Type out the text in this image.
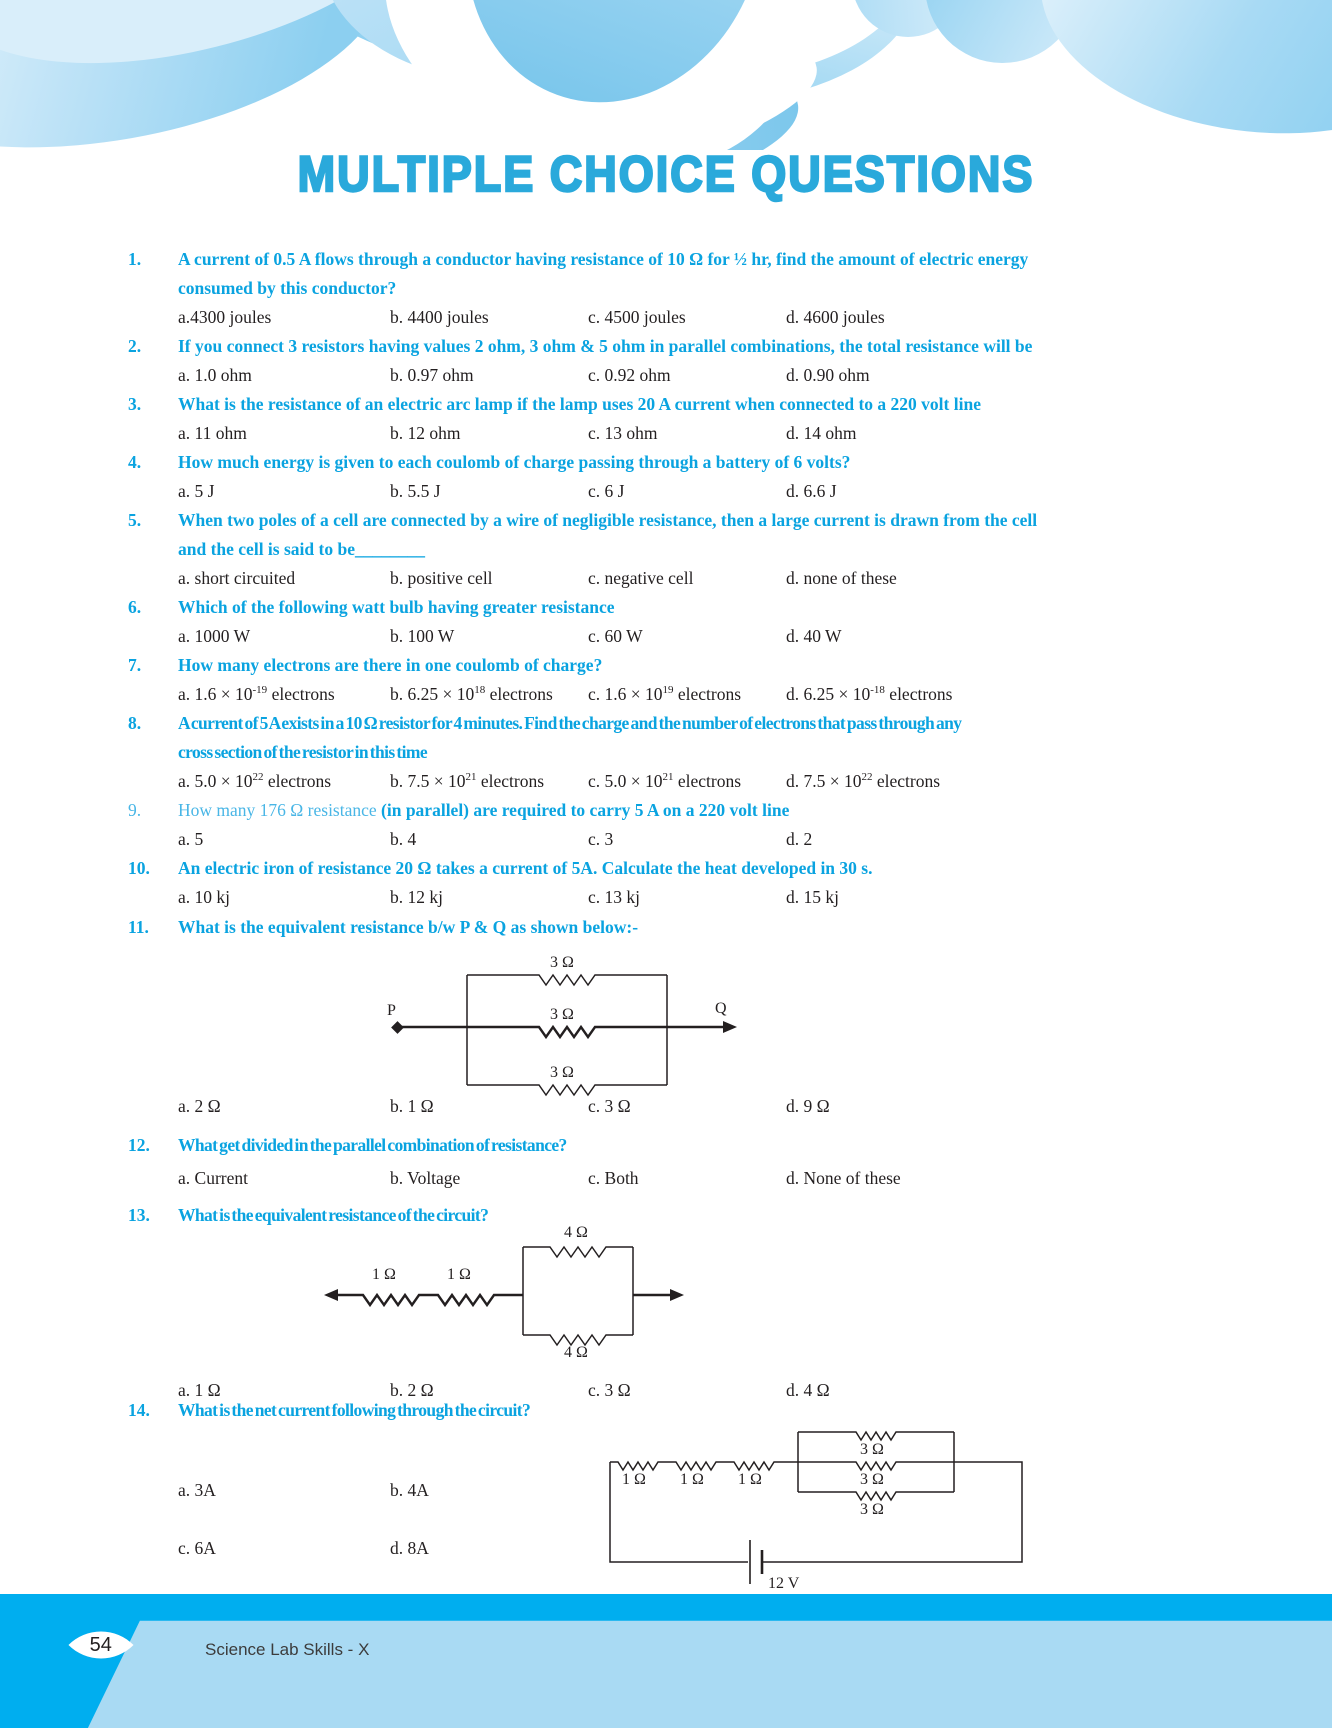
MULTIPLE CHOICE QUESTIONS
1.	A current of 0.5 A flows through a conductor having resistance of 10 Ω for ½ hr, find the amount of electric energy
consumed by this conductor?
a.4300 joules	b. 4400 joules	c. 4500 joules	d. 4600 joules
2.	If you connect 3 resistors having values 2 ohm, 3 ohm & 5 ohm in parallel combinations, the total resistance will be
a. 1.0 ohm	b. 0.97 ohm	c. 0.92 ohm	d. 0.90 ohm
3.	What is the resistance of an electric arc lamp if the lamp uses 20 A current when connected to a 220 volt line
a. 11 ohm	b. 12 ohm	c. 13 ohm	d. 14 ohm
4.	How much energy is given to each coulomb of charge passing through a battery of 6 volts?
a. 5 J	b. 5.5 J	c. 6 J	d. 6.6 J
5.	When two poles of a cell are connected by a wire of negligible resistance, then a large current is drawn from the cell
and the cell is said to be________
a. short circuited	b. positive cell	c. negative cell	d. none of these
6.	Which of the following watt bulb having greater resistance
a. 1000 W	b. 100 W	c. 60 W	d. 40 W
7.	How many electrons are there in one coulomb of charge?
a. $1.6 \times 10^{-19}$ electrons	b. $6.25 \times 10^{18}$ electrons c. $1.6 \times 10^{19}$ electrons	d. $6.25 \times 10^{-18}$ electrons
8.	A current of 5 A exists in a 10 Ω resistor for 4 minutes. Find the charge and the number of electrons that pass through any
cross section of the resistor in this time
a. $5.0 \times 10^{22}$ electrons	b. $7.5 \times 10^{21}$ electrons	c. $5.0 \times 10^{21}$ electrons	d. $7.5 \times 10^{22}$ electrons
9.	How many 176 Ω resistance (in parallel) are required to carry 5 A on a 220 volt line
a. 5	b. 4	c. 3	d. 2
10.	An electric iron of resistance 20 Ω takes a current of 5A. Calculate the heat developed in 30 s.
a. 10 kj	b. 12 kj	c. 13 kj	d. 15 kj
11.	What is the equivalent resistance b/w P & Q as shown below:-
P	Q
3 Ω
3 Ω
3 Ω
a. 2 Ω	b. 1 Ω	c. 3 Ω	d. 9 Ω
12.	What get divided in the parallel combination of resistance?
a. Current	b. Voltage	c. Both	d. None of these
13.	What is the equivalent resistance of the circuit?
1 Ω	1 Ω
4 Ω
4 Ω
a. 1 Ω	b. 2 Ω	c. 3 Ω	d. 4 Ω
14.	What is the net current following through the circuit?
1 Ω 1 Ω 1 Ω
3 Ω
3 Ω
3 Ω
12 V
a. 3A	b. 4A
c. 6A	d. 8A
54	Science Lab Skills - X
